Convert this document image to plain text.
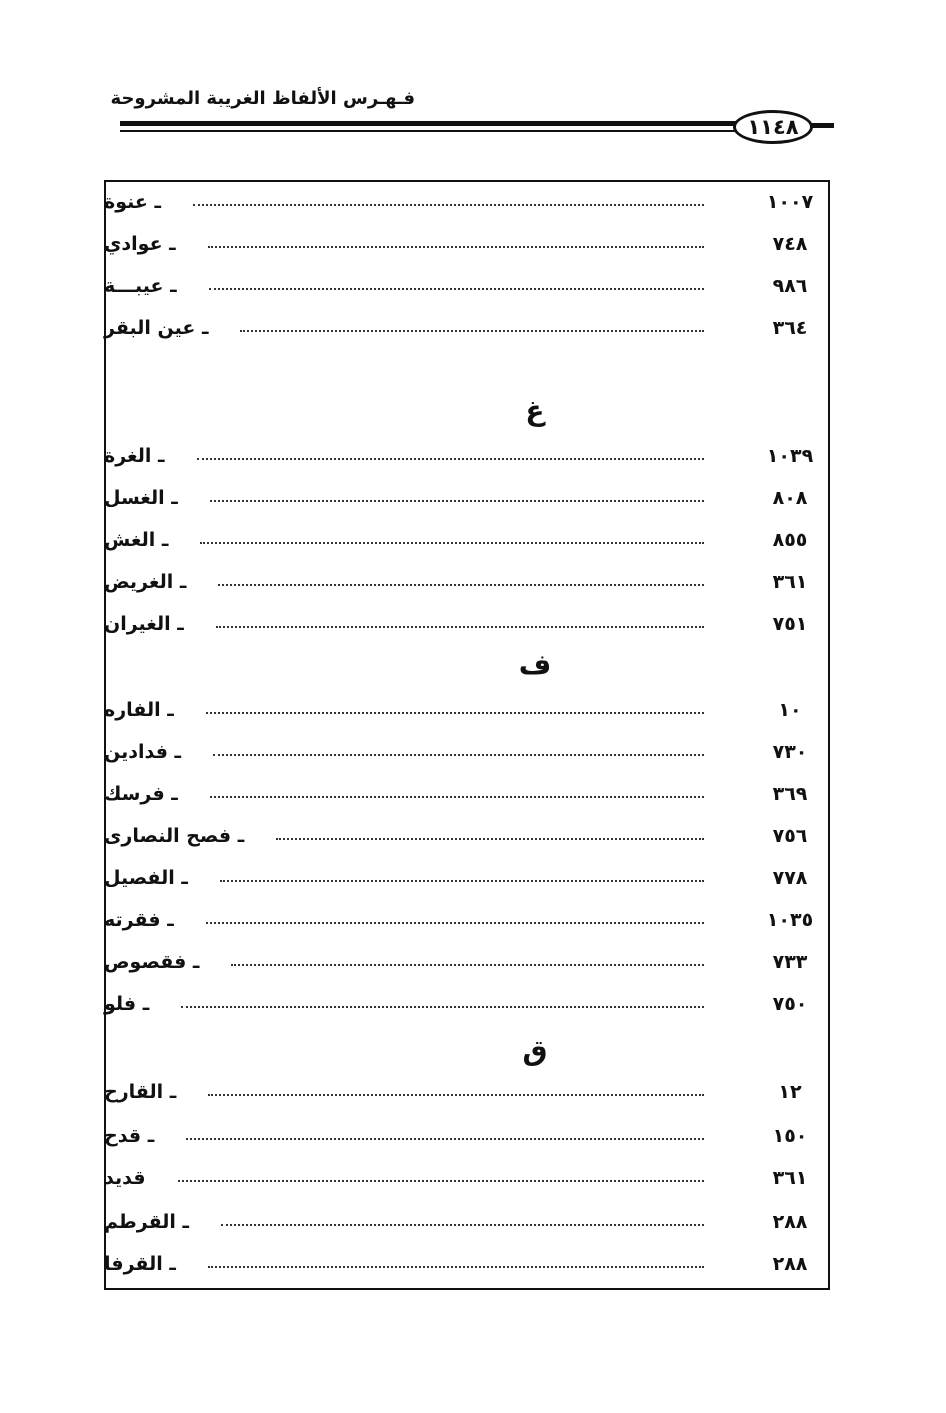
فـهـرس الألفاظ الغريبة المشروحة
١١٤٨
ـ عنوة	١٠٠٧
ـ عوادي	٧٤٨
ـ عيبـــة	٩٨٦
ـ عين البقر	٣٦٤
غ
ـ الغرة	١٠٣٩
ـ الغسل	٨٠٨
ـ الغش	٨٥٥
ـ الغريض	٣٦١
ـ الغيران	٧٥١
ف
ـ الفاره	١٠
ـ فدادين	٧٣٠
ـ فرسك	٣٦٩
ـ فصح النصارى	٧٥٦
ـ الفصيل	٧٧٨
ـ فقرته	١٠٣٥
ـ فقصوص	٧٣٣
ـ فلو	٧٥٠
ق
ـ القارح	١٢
ـ قدح	١٥٠
قديد	٣٦١
ـ القرطم	٢٨٨
ـ القرفا	٢٨٨
